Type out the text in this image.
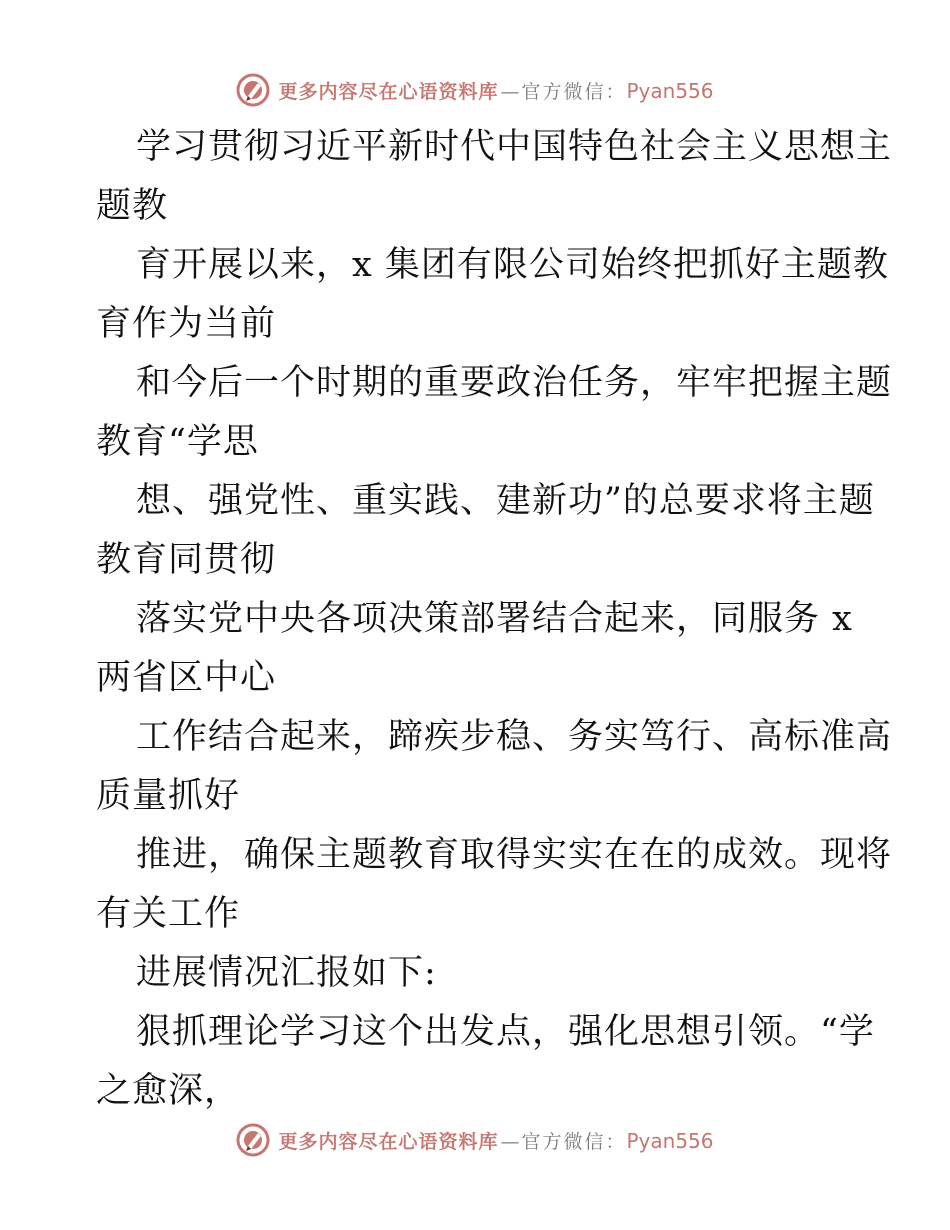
更多内容尽在心语资料库 — 官方微信： Pyan556
学习贯彻习近平新时代中国特色社会主义思想主
题教
育开展以来，x 集团有限公司始终把抓好主题教
育作为当前
和今后一个时期的重要政治任务，牢牢把握主题
教育“学思
想、强党性、重实践、建新功”的总要求将主题
教育同贯彻
落实党中央各项决策部署结合起来，同服务 x
两省区中心
工作结合起来，蹄疾步稳、务实笃行、高标准高
质量抓好
推进，确保主题教育取得实实在在的成效。现将
有关工作
进展情况汇报如下:
狠抓理论学习这个出发点，强化思想引领。“学
之愈深，
更多内容尽在心语资料库 — 官方微信： Pyan556
